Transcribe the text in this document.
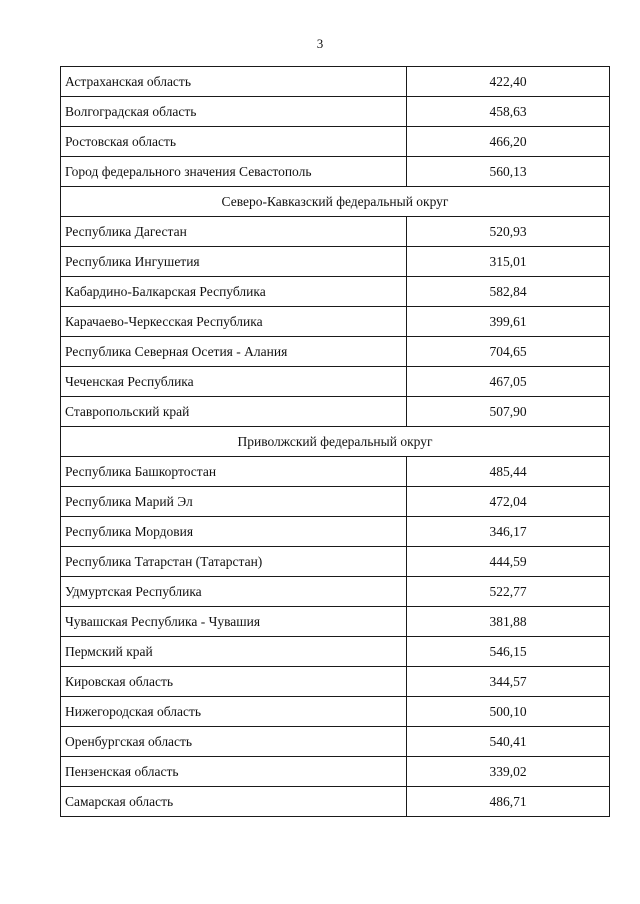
3
Астраханская область	422,40
Волгоградская область	458,63
Ростовская область	466,20
Город федерального значения Севастополь	560,13
Северо-Кавказский федеральный округ	
Республика Дагестан	520,93
Республика Ингушетия	315,01
Кабардино-Балкарская Республика	582,84
Карачаево-Черкесская Республика	399,61
Республика Северная Осетия - Алания	704,65
Чеченская Республика	467,05
Ставропольский край	507,90
Приволжский федеральный округ	
Республика Башкортостан	485,44
Республика Марий Эл	472,04
Республика Мордовия	346,17
Республика Татарстан (Татарстан)	444,59
Удмуртская Республика	522,77
Чувашская Республика - Чувашия	381,88
Пермский край	546,15
Кировская область	344,57
Нижегородская область	500,10
Оренбургская область	540,41
Пензенская область	339,02
Самарская область	486,71
